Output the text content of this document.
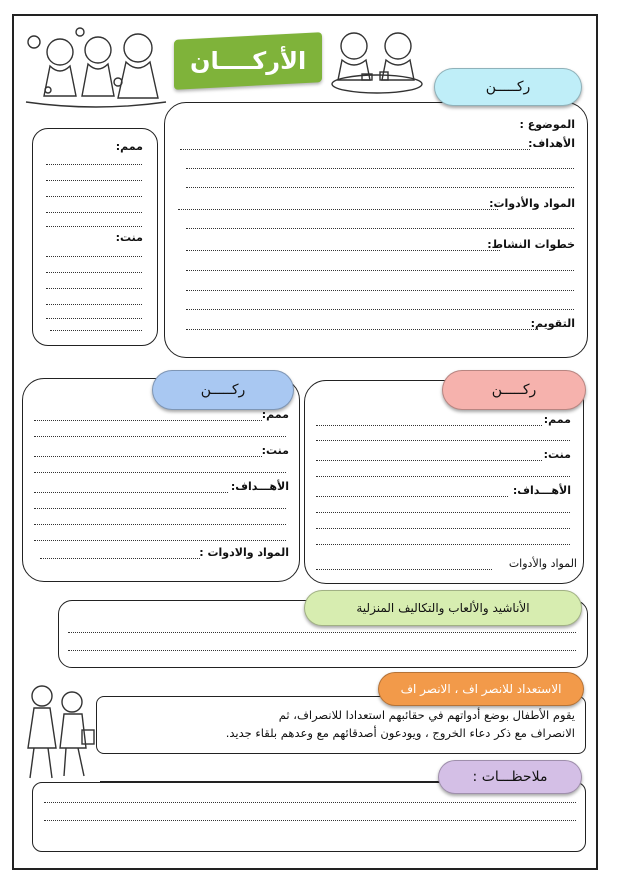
الأركــــان
ركـــــن
الموضوع :
الأهداف:
المواد والأدوات:
خطوات النشاط:
التقويم:
ممم:
منت:
ركـــــن
ممم:
منت:
الأهـــداف:
المواد والادوات :
ركـــــن
ممم:
منت:
الأهـــداف:
المواد والأدوات
الأناشيد والألعاب والتكاليف المنزلية
الاستعداد للانصر اف ، الانصر اف
يقوم الأطفال بوضع أدواتهم في حقائبهم استعدادا للانصراف، ثم
الانصراف مع ذكر دعاء الخروج ، ويودعون أصدقائهم مع وعدهم بلقاء جديد.
ملاحظـــات :
